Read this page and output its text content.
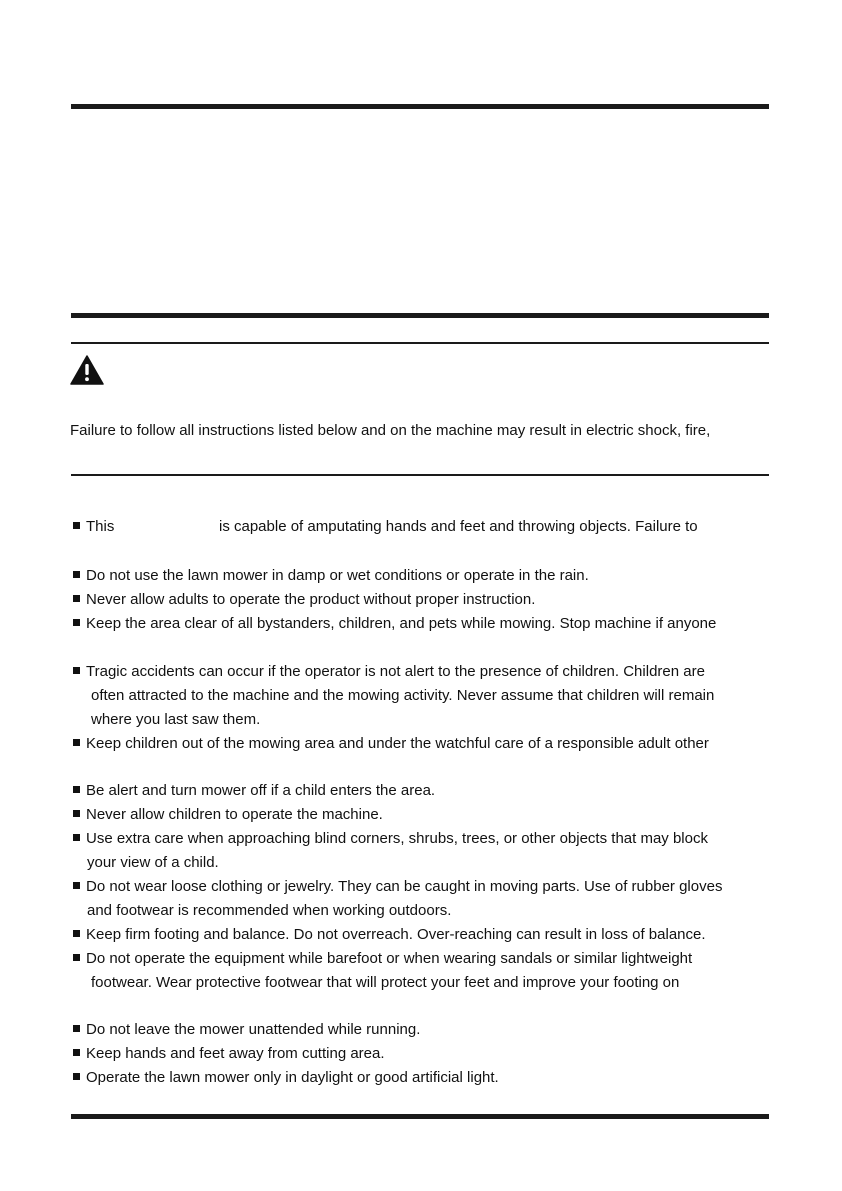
Failure to follow all instructions listed below and on the machine may result in electric shock, fire,
This	is capable of amputating hands and feet and throwing objects. Failure to
Do not use the lawn mower in damp or wet conditions or operate in the rain.
Never allow adults to operate the product without proper instruction.
Keep the area clear of all bystanders, children, and pets while mowing. Stop machine if anyone
Tragic accidents can occur if the operator is not alert to the presence of children. Children are
often attracted to the machine and the mowing activity. Never assume that children will remain
where you last saw them.
Keep children out of the mowing area and under the watchful care of a responsible adult other
Be alert and turn mower off if a child enters the area.
Never allow children to operate the machine.
Use extra care when approaching blind corners, shrubs, trees, or other objects that may block
your view of a child.
Do not wear loose clothing or jewelry. They can be caught in moving parts. Use of rubber gloves
and footwear is recommended when working outdoors.
Keep firm footing and balance. Do not overreach. Over-reaching can result in loss of balance.
Do not operate the equipment while barefoot or when wearing sandals or similar lightweight
footwear. Wear protective footwear that will protect your feet and improve your footing on
Do not leave the mower unattended while running.
Keep hands and feet away from cutting area.
Operate the lawn mower only in daylight or good artificial light.
